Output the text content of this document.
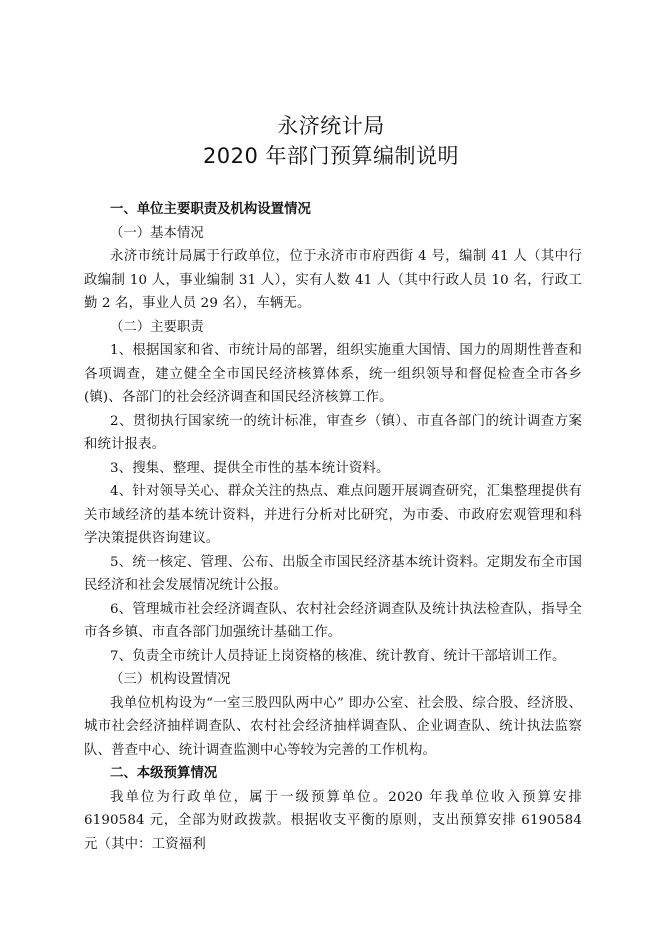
永济统计局
2020 年部门预算编制说明

一、单位主要职责及机构设置情况

（一）基本情况

永济市统计局属于行政单位，位于永济市市府西街 4 号，编制 41 人（其中行政编制 10 人，事业编制 31 人），实有人数 41 人（其中行政人员 10 名，行政工勤 2 名，事业人员 29 名），车辆无。

（二）主要职责

1、根据国家和省、市统计局的部署，组织实施重大国情、国力的周期性普查和各项调查，建立健全全市国民经济核算体系，统一组织领导和督促检查全市各乡(镇)、各部门的社会经济调查和国民经济核算工作。

2、贯彻执行国家统一的统计标准，审查乡（镇）、市直各部门的统计调查方案和统计报表。

3、搜集、整理、提供全市性的基本统计资料。

4、针对领导关心、群众关注的热点、难点问题开展调查研究，汇集整理提供有关市域经济的基本统计资料，并进行分析对比研究，为市委、市政府宏观管理和科学决策提供咨询建议。

5、统一核定、管理、公布、出版全市国民经济基本统计资料。定期发布全市国民经济和社会发展情况统计公报。

6、管理城市社会经济调查队、农村社会经济调查队及统计执法检查队，指导全市各乡镇、市直各部门加强统计基础工作。

7、负责全市统计人员持证上岗资格的核准、统计教育、统计干部培训工作。

（三）机构设置情况

我单位机构设为“一室三股四队两中心” 即办公室、社会股、综合股、经济股、城市社会经济抽样调查队、农村社会经济抽样调查队、企业调查队、统计执法监察队、普查中心、统计调查监测中心等较为完善的工作机构。

二、本级预算情况

我单位为行政单位，属于一级预算单位。2020 年我单位收入预算安排 6190584 元，全部为财政拨款。根据收支平衡的原则，支出预算安排 6190584 元（其中：工资福利
